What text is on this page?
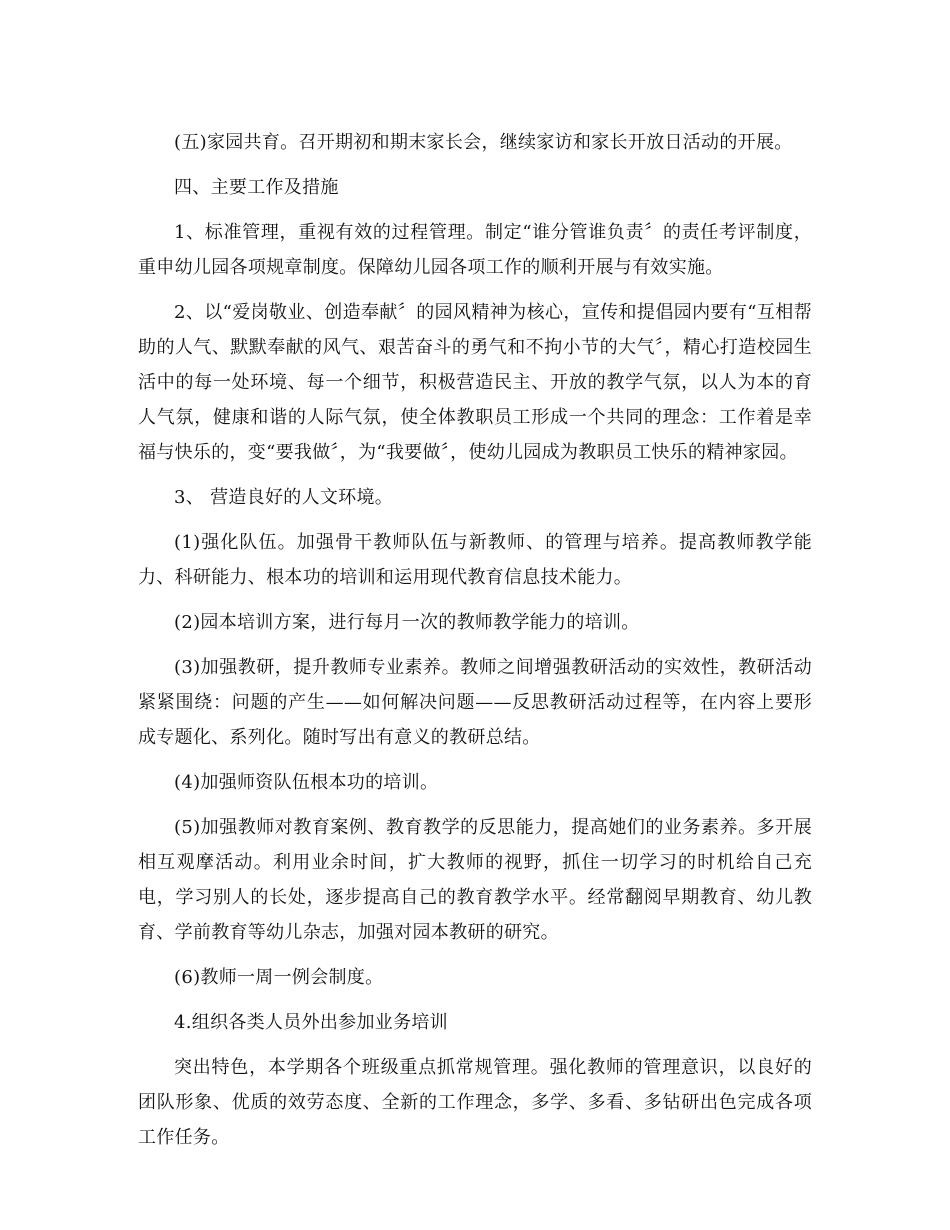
(五)家园共育。召开期初和期末家长会，继续家访和家长开放日活动的开展。

四、主要工作及措施

1、标准管理，重视有效的过程管理。制定“谁分管谁负责〞的责任考评制度，重申幼儿园各项规章制度。保障幼儿园各项工作的顺利开展与有效实施。

2、以“爱岗敬业、创造奉献〞的园风精神为核心，宣传和提倡园内要有“互相帮助的人气、默默奉献的风气、艰苦奋斗的勇气和不拘小节的大气〞，精心打造校园生活中的每一处环境、每一个细节，积极营造民主、开放的教学气氛，以人为本的育人气氛，健康和谐的人际气氛，使全体教职员工形成一个共同的理念：工作着是幸福与快乐的，变“要我做〞，为“我要做〞，使幼儿园成为教职员工快乐的精神家园。

3、 营造良好的人文环境。

(1)强化队伍。加强骨干教师队伍与新教师、的管理与培养。提高教师教学能力、科研能力、根本功的培训和运用现代教育信息技术能力。

(2)园本培训方案，进行每月一次的教师教学能力的培训。

(3)加强教研，提升教师专业素养。教师之间增强教研活动的实效性，教研活动紧紧围绕：问题的产生——如何解决问题——反思教研活动过程等，在内容上要形成专题化、系列化。随时写出有意义的教研总结。

(4)加强师资队伍根本功的培训。

(5)加强教师对教育案例、教育教学的反思能力，提高她们的业务素养。多开展相互观摩活动。利用业余时间，扩大教师的视野，抓住一切学习的时机给自己充电，学习别人的长处，逐步提高自己的教育教学水平。经常翻阅早期教育、幼儿教育、学前教育等幼儿杂志，加强对园本教研的研究。

(6)教师一周一例会制度。

4.组织各类人员外出参加业务培训

突出特色，本学期各个班级重点抓常规管理。强化教师的管理意识，以良好的团队形象、优质的效劳态度、全新的工作理念，多学、多看、多钻研出色完成各项工作任务。
